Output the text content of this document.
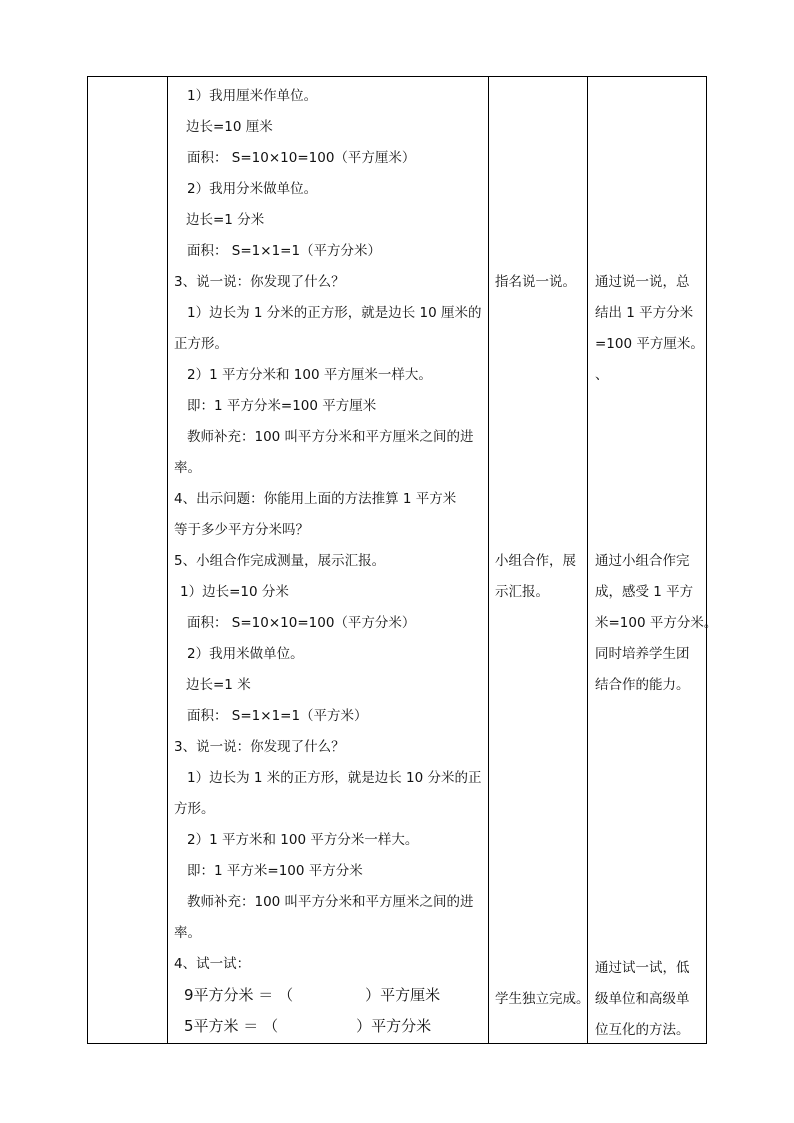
1）我用厘米作单位。
边长=10 厘米
面积： S=10×10=100（平方厘米）
2）我用分米做单位。
边长=1 分米
面积： S=1×1=1（平方分米）
3、说一说：你发现了什么？
1）边长为 1 分米的正方形，就是边长 10 厘米的
正方形。
2）1 平方分米和 100 平方厘米一样大。
即：1 平方分米=100 平方厘米
教师补充：100 叫平方分米和平方厘米之间的进
率。
4、出示问题：你能用上面的方法推算 1 平方米
等于多少平方分米吗？
5、小组合作完成测量，展示汇报。
1）边长=10 分米
面积： S=10×10=100（平方分米）
2）我用米做单位。
边长=1 米
面积： S=1×1=1（平方米）
3、说一说：你发现了什么？
1）边长为 1 米的正方形，就是边长 10 分米的正
方形。
2）1 平方米和 100 平方分米一样大。
即：1 平方米=100 平方分米
教师补充：100 叫平方分米和平方厘米之间的进
率。
4、试一试：
9平方分米 ＝ （	）平方厘米
5平方米 ＝ （	）平方分米
指名说一说。
小组合作，展
示汇报。
学生独立完成。
通过说一说，总
结出 1 平方分米
=100 平方厘米。
、
通过小组合作完
成，感受 1 平方
米=100 平方分米。
同时培养学生团
结合作的能力。
通过试一试，低
级单位和高级单
位互化的方法。
